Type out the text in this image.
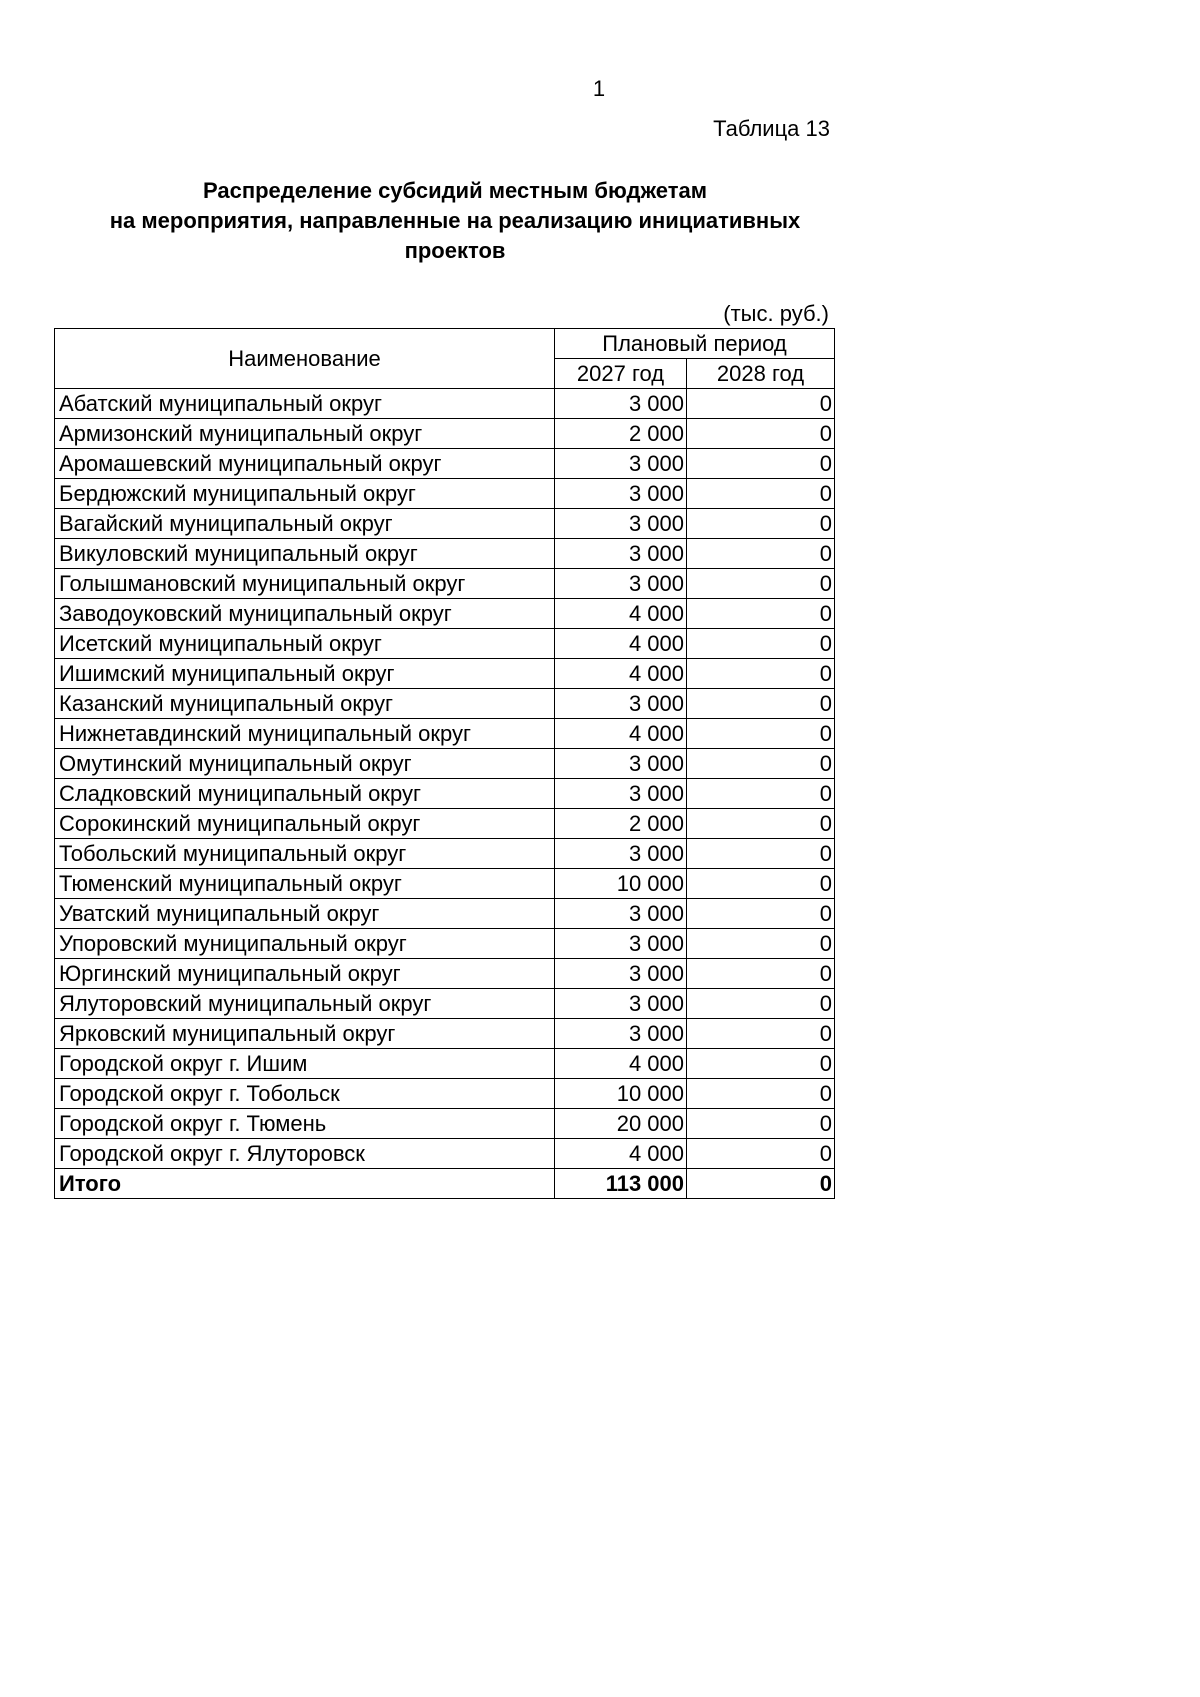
1
Таблица 13
Распределение субсидий местным бюджетам
на мероприятия, направленные на реализацию инициативных
проектов
(тыс. руб.)
Наименование	Плановый период	
	2027 год	2028 год
Абатский муниципальный округ	3 000	0
Армизонский муниципальный округ	2 000	0
Аромашевский муниципальный округ	3 000	0
Бердюжский муниципальный округ	3 000	0
Вагайский муниципальный округ	3 000	0
Викуловский муниципальный округ	3 000	0
Голышмановский муниципальный округ	3 000	0
Заводоуковский муниципальный округ	4 000	0
Исетский муниципальный округ	4 000	0
Ишимский муниципальный округ	4 000	0
Казанский муниципальный округ	3 000	0
Нижнетавдинский муниципальный округ	4 000	0
Омутинский муниципальный округ	3 000	0
Сладковский муниципальный округ	3 000	0
Сорокинский муниципальный округ	2 000	0
Тобольский муниципальный округ	3 000	0
Тюменский муниципальный округ	10 000	0
Уватский муниципальный округ	3 000	0
Упоровский муниципальный округ	3 000	0
Юргинский муниципальный округ	3 000	0
Ялуторовский муниципальный округ	3 000	0
Ярковский муниципальный округ	3 000	0
Городской округ г. Ишим	4 000	0
Городской округ г. Тобольск	10 000	0
Городской округ г. Тюмень	20 000	0
Городской округ г. Ялуторовск	4 000	0
Итого	113 000	0
